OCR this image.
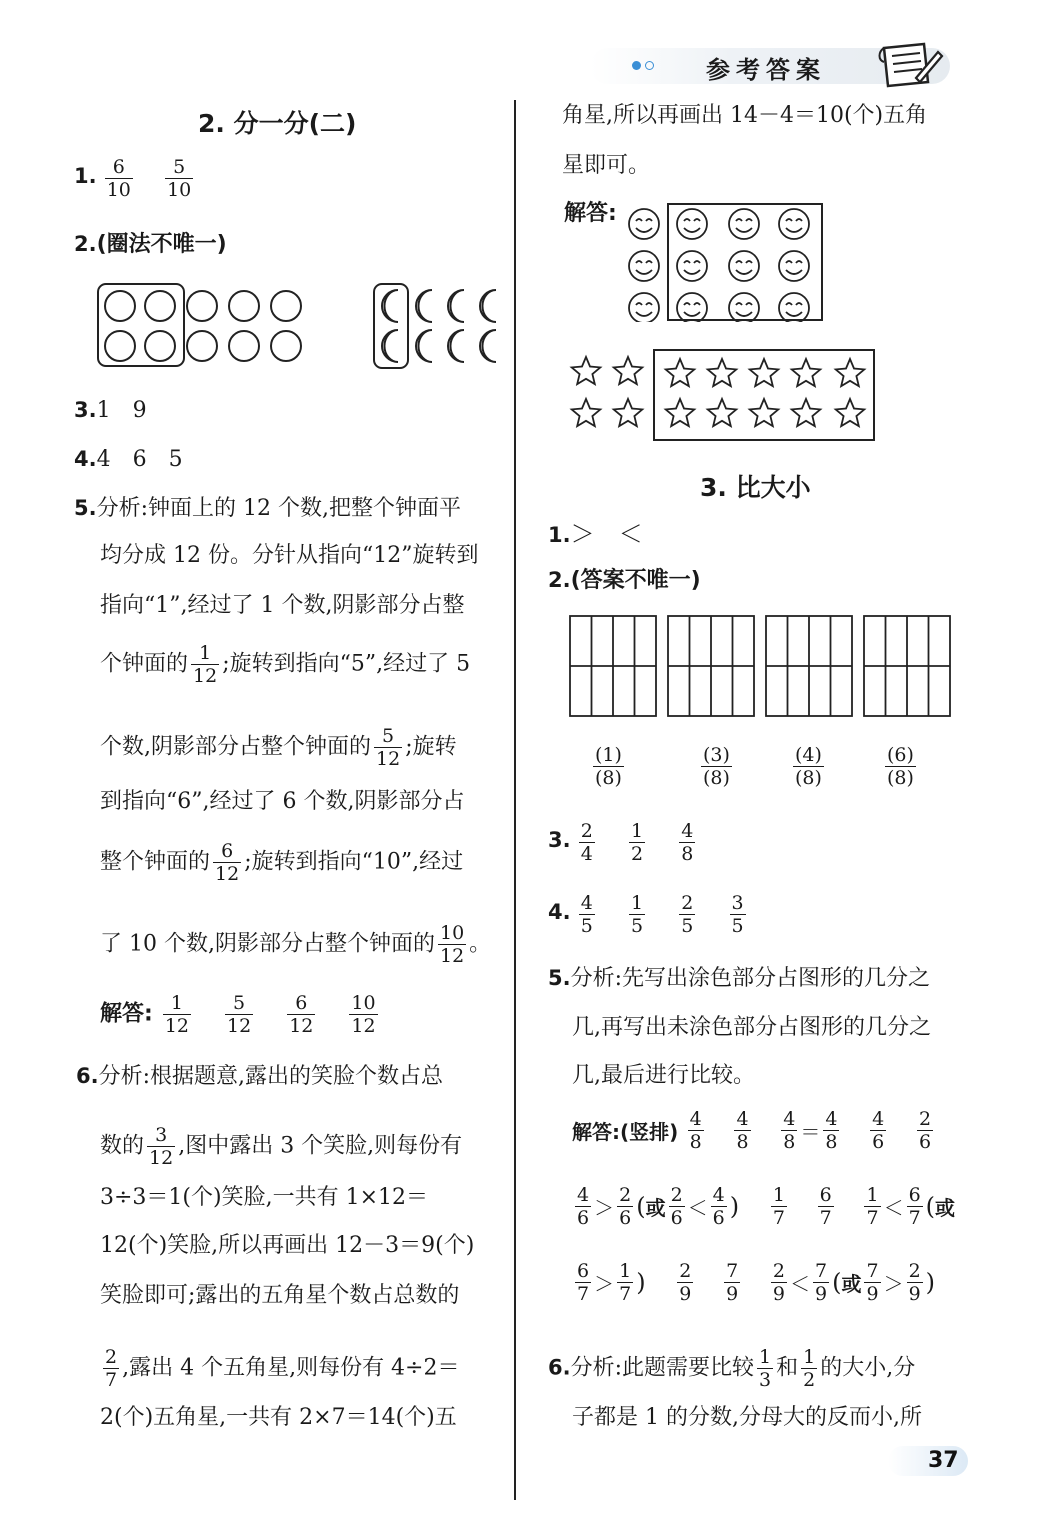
参考答案
2. 分一分(二)
1. $\frac{6}{10}$
$\frac{5}{10}$
2.(圈法不唯一)
3.1　9
4.4　6　5
5.分析:钟面上的 12 个数,把整个钟面平
均分成 12 份。分针从指向“12”旋转到
指向“1”,经过了 1 个数,阴影部分占整
个钟面的 $\frac{1}{12}$ ;旋转到指向“5”,经过了 5
个数,阴影部分占整个钟面的 $\frac{5}{12}$ ;旋转
到指向“6”,经过了 6 个数,阴影部分占
整个钟面的 $\frac{6}{12}$ ;旋转到指向“10”,经过
了 10 个数,阴影部分占整个钟面的 $\frac{10}{12}$ 。
解答: $\frac{1}{12}$
$\frac{5}{12}$
$\frac{6}{12}$
$\frac{10}{12}$
6.分析:根据题意,露出的笑脸个数占总
数的 $\frac{3}{12}$ ,图中露出 3 个笑脸,则每份有
3÷3＝1(个)笑脸,一共有 1×12＝
12(个)笑脸,所以再画出 12－3＝9(个)
笑脸即可;露出的五角星个数占总数的
$\frac{2}{7}$ ,露出 4 个五角星,则每份有 4÷2＝
2(个)五角星,一共有 2×7＝14(个)五
角星,所以再画出 14－4＝10(个)五角
星即可。
解答:
3. 比大小
1.＞　＜
2.(答案不唯一)
$\frac{(1)}{(8)}$	$\frac{(3)}{(8)}$	$\frac{(4)}{(8)}$	$\frac{(6)}{(8)}$
3. $\frac{2}{4}$
$\frac{1}{2}$
$\frac{4}{8}$
4. $\frac{4}{5}$
$\frac{1}{5}$
$\frac{2}{5}$
$\frac{3}{5}$
5.分析:先写出涂色部分占图形的几分之
几,再写出未涂色部分占图形的几分之
几,最后进行比较。
解答:(竖排) $\frac{4}{8}$
$\frac{4}{8}$
$\frac{4}{8} = \frac{4}{8}$
$\frac{4}{6}$
$\frac{2}{6}$
$\frac{4}{6} > \frac{2}{6}$ (或 $\frac{2}{6} < \frac{4}{6}$ ) $\frac{1}{7}$
$\frac{6}{7}$
$\frac{1}{7} < \frac{6}{7}$ (或
$\frac{6}{7} > \frac{1}{7}$ ) $\frac{2}{9}$
$\frac{7}{9}$
$\frac{2}{9} < \frac{7}{9}$ (或 $\frac{7}{9} > \frac{2}{9}$ )
6.分析:此题需要比较 $\frac{1}{3}$ 和 $\frac{1}{2}$ 的大小,分
子都是 1 的分数,分母大的反而小,所
37
